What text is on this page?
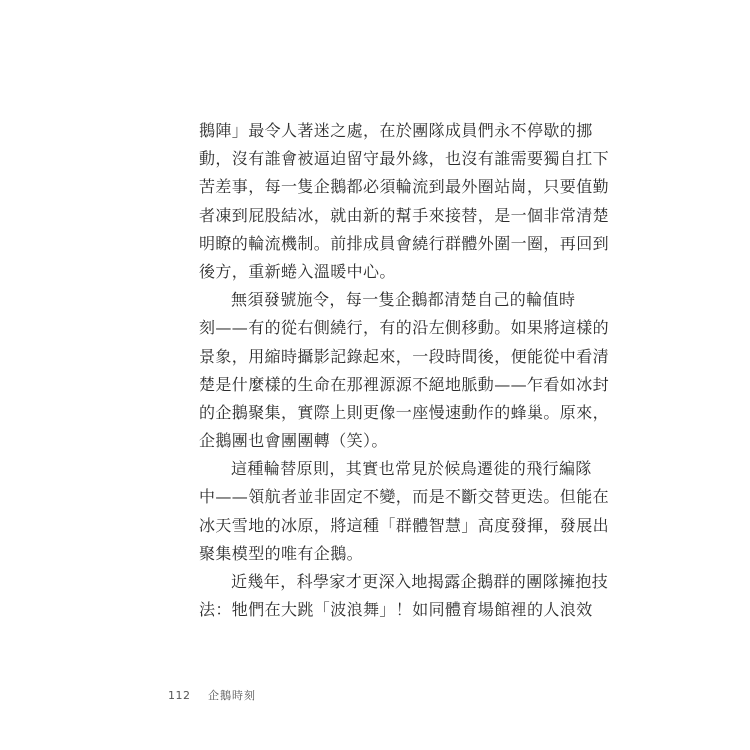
鵝陣」最令人著迷之處，在於團隊成員們永不停歇的挪
動，沒有誰會被逼迫留守最外緣，也沒有誰需要獨自扛下
苦差事，每一隻企鵝都必須輪流到最外圈站崗，只要值勤
者凍到屁股結冰，就由新的幫手來接替，是一個非常清楚
明瞭的輪流機制。前排成員會繞行群體外圍一圈，再回到
後方，重新蜷入溫暖中心。
無須發號施令，每一隻企鵝都清楚自己的輪值時
刻——有的從右側繞行，有的沿左側移動。如果將這樣的
景象，用縮時攝影記錄起來，一段時間後，便能從中看清
楚是什麼樣的生命在那裡源源不絕地脈動——乍看如冰封
的企鵝聚集，實際上則更像一座慢速動作的蜂巢。原來，
企鵝團也會團團轉（笑）。
這種輪替原則，其實也常見於候鳥遷徙的飛行編隊
中——領航者並非固定不變，而是不斷交替更迭。但能在
冰天雪地的冰原，將這種「群體智慧」高度發揮，發展出
聚集模型的唯有企鵝。
近幾年，科學家才更深入地揭露企鵝群的團隊擁抱技
法：牠們在大跳「波浪舞」！如同體育場館裡的人浪效
112	企鵝時刻
